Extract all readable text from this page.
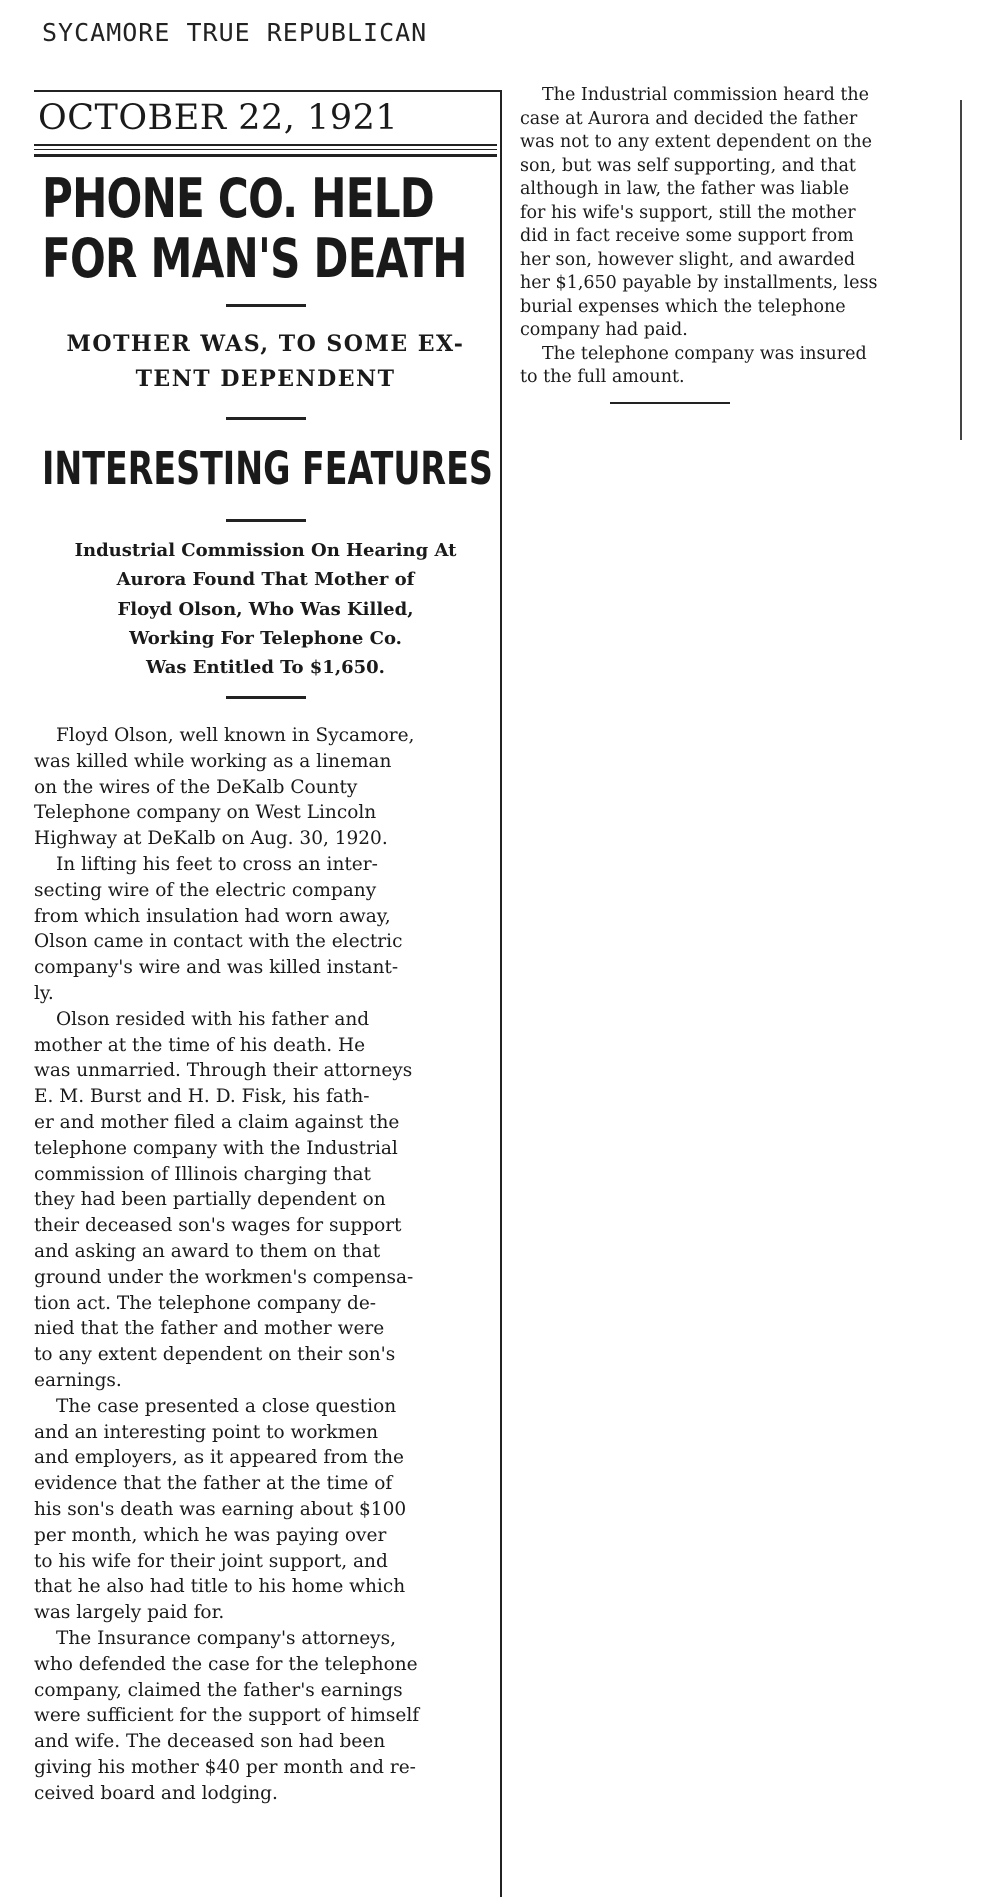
SYCAMORE TRUE REPUBLICAN
OCTOBER 22, 1921
PHONE CO. HELD
FOR MAN'S DEATH
MOTHER WAS, TO SOME EX-
TENT DEPENDENT
INTERESTING FEATURES
Industrial Commission On Hearing At
Aurora Found That Mother of
Floyd Olson, Who Was Killed,
Working For Telephone Co.
Was Entitled To $1,650.
Floyd Olson, well known in Sycamore,
was killed while working as a lineman
on the wires of the DeKalb County
Telephone company on West Lincoln
Highway at DeKalb on Aug. 30, 1920.
In lifting his feet to cross an inter-
secting wire of the electric company
from which insulation had worn away,
Olson came in contact with the electric
company's wire and was killed instant-
ly.
Olson resided with his father and
mother at the time of his death. He
was unmarried. Through their attorneys
E. M. Burst and H. D. Fisk, his fath-
er and mother filed a claim against the
telephone company with the Industrial
commission of Illinois charging that
they had been partially dependent on
their deceased son's wages for support
and asking an award to them on that
ground under the workmen's compensa-
tion act. The telephone company de-
nied that the father and mother were
to any extent dependent on their son's
earnings.
The case presented a close question
and an interesting point to workmen
and employers, as it appeared from the
evidence that the father at the time of
his son's death was earning about $100
per month, which he was paying over
to his wife for their joint support, and
that he also had title to his home which
was largely paid for.
The Insurance company's attorneys,
who defended the case for the telephone
company, claimed the father's earnings
were sufficient for the support of himself
and wife. The deceased son had been
giving his mother $40 per month and re-
ceived board and lodging.
The Industrial commission heard the
case at Aurora and decided the father
was not to any extent dependent on the
son, but was self supporting, and that
although in law, the father was liable
for his wife's support, still the mother
did in fact receive some support from
her son, however slight, and awarded
her $1,650 payable by installments, less
burial expenses which the telephone
company had paid.
The telephone company was insured
to the full amount.
